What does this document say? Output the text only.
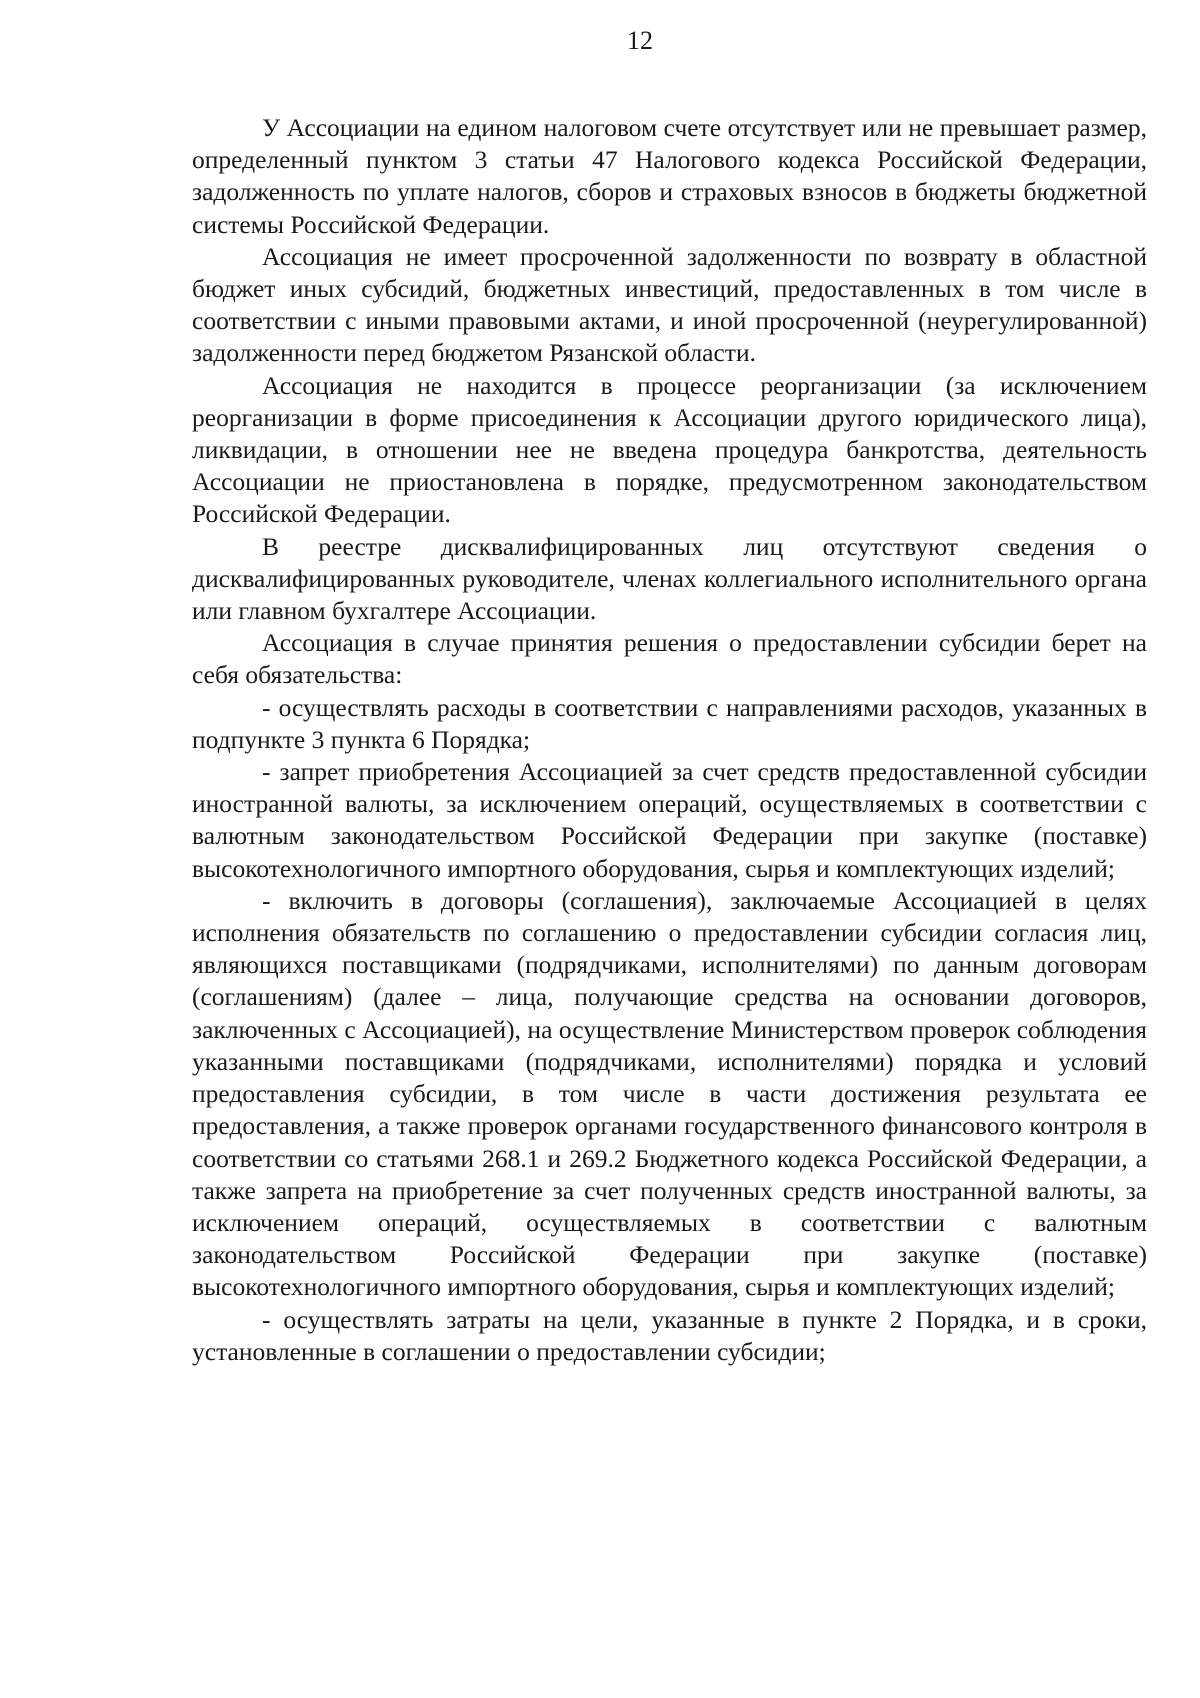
12

У Ассоциации на едином налоговом счете отсутствует или не превышает размер, определенный пунктом 3 статьи 47 Налогового кодекса Российской Федерации, задолженность по уплате налогов, сборов и страховых взносов в бюджеты бюджетной системы Российской Федерации.

Ассоциация не имеет просроченной задолженности по возврату в областной бюджет иных субсидий, бюджетных инвестиций, предоставленных в том числе в соответствии с иными правовыми актами, и иной просроченной (неурегулированной) задолженности перед бюджетом Рязанской области.

Ассоциация не находится в процессе реорганизации (за исключением реорганизации в форме присоединения к Ассоциации другого юридического лица), ликвидации, в отношении нее не введена процедура банкротства, деятельность Ассоциации не приостановлена в порядке, предусмотренном законодательством Российской Федерации.

В реестре дисквалифицированных лиц отсутствуют сведения о дисквалифицированных руководителе, членах коллегиального исполнительного органа или главном бухгалтере Ассоциации.

Ассоциация в случае принятия решения о предоставлении субсидии берет на себя обязательства:

- осуществлять расходы в соответствии с направлениями расходов, указанных в подпункте 3 пункта 6 Порядка;

- запрет приобретения Ассоциацией за счет средств предоставленной субсидии иностранной валюты, за исключением операций, осуществляемых в соответствии с валютным законодательством Российской Федерации при закупке (поставке) высокотехнологичного импортного оборудования, сырья и комплектующих изделий;

- включить в договоры (соглашения), заключаемые Ассоциацией в целях исполнения обязательств по соглашению о предоставлении субсидии согласия лиц, являющихся поставщиками (подрядчиками, исполнителями) по данным договорам (соглашениям) (далее – лица, получающие средства на основании договоров, заключенных с Ассоциацией), на осуществление Министерством проверок соблюдения указанными поставщиками (подрядчиками, исполнителями) порядка и условий предоставления субсидии, в том числе в части достижения результата ее предоставления, а также проверок органами государственного финансового контроля в соответствии со статьями 268.1 и 269.2 Бюджетного кодекса Российской Федерации, а также запрета на приобретение за счет полученных средств иностранной валюты, за исключением операций, осуществляемых в соответствии с валютным законодательством Российской Федерации при закупке (поставке) высокотехнологичного импортного оборудования, сырья и комплектующих изделий;

- осуществлять затраты на цели, указанные в пункте 2 Порядка, и в сроки, установленные в соглашении о предоставлении субсидии;
